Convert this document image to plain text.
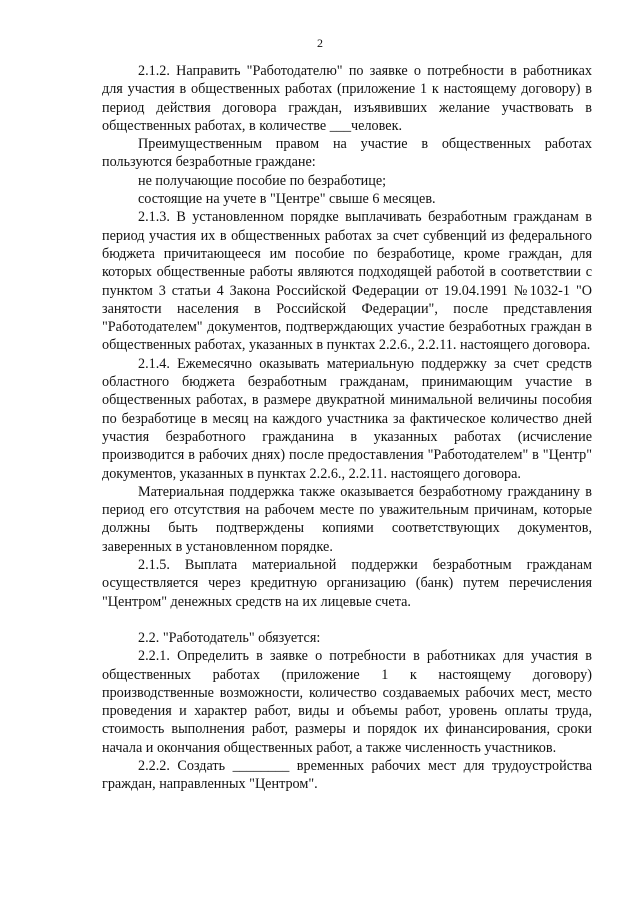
2

2.1.2. Направить "Работодателю" по заявке о потребности в работниках для участия в общественных работах (приложение 1 к настоящему договору) в период действия договора граждан, изъявивших желание участвовать в общественных работах, в количестве ___человек.

Преимущественным правом на участие в общественных работах пользуются безработные граждане:

не получающие пособие по безработице;

состоящие на учете в "Центре" свыше 6 месяцев.

2.1.3. В установленном порядке выплачивать безработным гражданам в период участия их в общественных работах за счет субвенций из федерального бюджета причитающееся им пособие по безработице, кроме граждан, для которых общественные работы являются подходящей работой в соответствии с пунктом 3 статьи 4 Закона Российской Федерации от 19.04.1991 №1032-1 "О занятости населения в Российской Федерации", после представления "Работодателем" документов, подтверждающих участие безработных граждан в общественных работах, указанных в пунктах 2.2.6., 2.2.11. настоящего договора.

2.1.4. Ежемесячно оказывать материальную поддержку за счет средств областного бюджета безработным гражданам, принимающим участие в общественных работах, в размере двукратной минимальной величины пособия по безработице в месяц на каждого участника за фактическое количество дней участия безработного гражданина в указанных работах (исчисление производится в рабочих днях) после предоставления "Работодателем" в "Центр" документов, указанных в пунктах 2.2.6., 2.2.11. настоящего договора.

Материальная поддержка также оказывается безработному гражданину в период его отсутствия на рабочем месте по уважительным причинам, которые должны быть подтверждены копиями соответствующих документов, заверенных в установленном порядке.

2.1.5. Выплата материальной поддержки безработным гражданам осуществляется через кредитную организацию (банк) путем перечисления "Центром" денежных средств на их лицевые счета.

2.2. "Работодатель" обязуется:

2.2.1. Определить в заявке о потребности в работниках для участия в общественных работах (приложение 1 к настоящему договору) производственные возможности, количество создаваемых рабочих мест, место проведения и характер работ, виды и объемы работ, уровень оплаты труда, стоимость выполнения работ, размеры и порядок их финансирования, сроки начала и окончания общественных работ, а также численность участников.

2.2.2. Создать ________ временных рабочих мест для трудоустройства граждан, направленных "Центром".
